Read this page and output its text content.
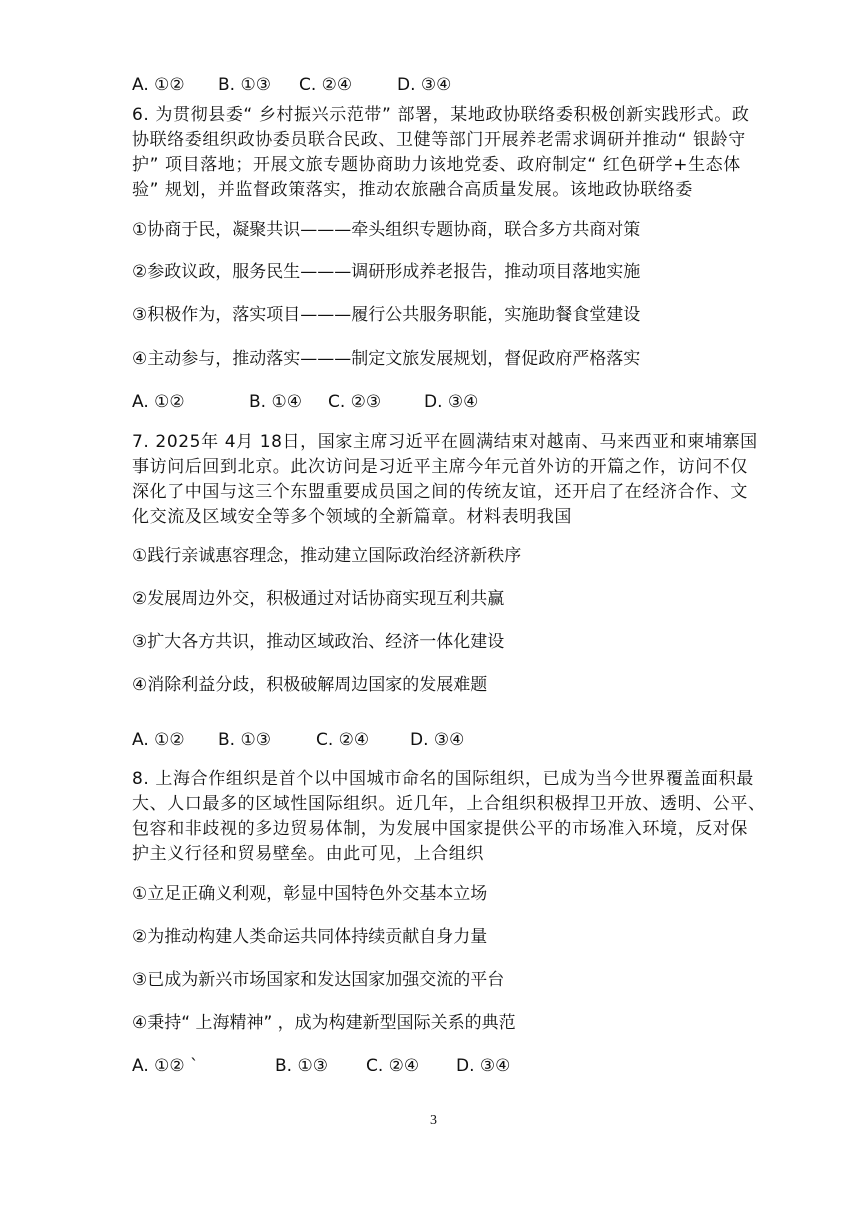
A. ①② B. ①③ C. ②④	D. ③④
6. 为贯彻县委“ 乡村振兴示范带” 部署，某地政协联络委积极创新实践形式。政
协联络委组织政协委员联合民政、卫健等部门开展养老需求调研并推动“ 银龄守
护” 项目落地；开展文旅专题协商助力该地党委、政府制定“ 红色研学+生态体
验” 规划，并监督政策落实，推动农旅融合高质量发展。该地政协联络委
①协商于民，凝聚共识———牵头组织专题协商，联合多方共商对策
②参政议政，服务民生———调研形成养老报告，推动项目落地实施
③积极作为，落实项目———履行公共服务职能，实施助餐食堂建设
④主动参与，推动落实———制定文旅发展规划，督促政府严格落实
A. ①②	B. ①④ C. ②③	D. ③④
7. 2025年 4月 18日，国家主席习近平在圆满结束对越南、马来西亚和柬埔寨国
事访问后回到北京。此次访问是习近平主席今年元首外访的开篇之作，访问不仅
深化了中国与这三个东盟重要成员国之间的传统友谊，还开启了在经济合作、文
化交流及区域安全等多个领域的全新篇章。材料表明我国
①践行亲诚惠容理念，推动建立国际政治经济新秩序
②发展周边外交，积极通过对话协商实现互利共赢
③扩大各方共识，推动区域政治、经济一体化建设
④消除利益分歧，积极破解周边国家的发展难题
A. ①② B. ①③	C. ②④ D. ③④
8. 上海合作组织是首个以中国城市命名的国际组织，已成为当今世界覆盖面积最
大、人口最多的区域性国际组织。近几年，上合组织积极捍卫开放、透明、公平、
包容和非歧视的多边贸易体制，为发展中国家提供公平的市场准入环境，反对保
护主义行径和贸易壁垒。由此可见，上合组织
①立足正确义利观，彰显中国特色外交基本立场
②为推动构建人类命运共同体持续贡献自身力量
③已成为新兴市场国家和发达国家加强交流的平台
④秉持“ 上海精神” ，成为构建新型国际关系的典范
A. ①② `	B. ①③ C. ②④ D. ③④
3
